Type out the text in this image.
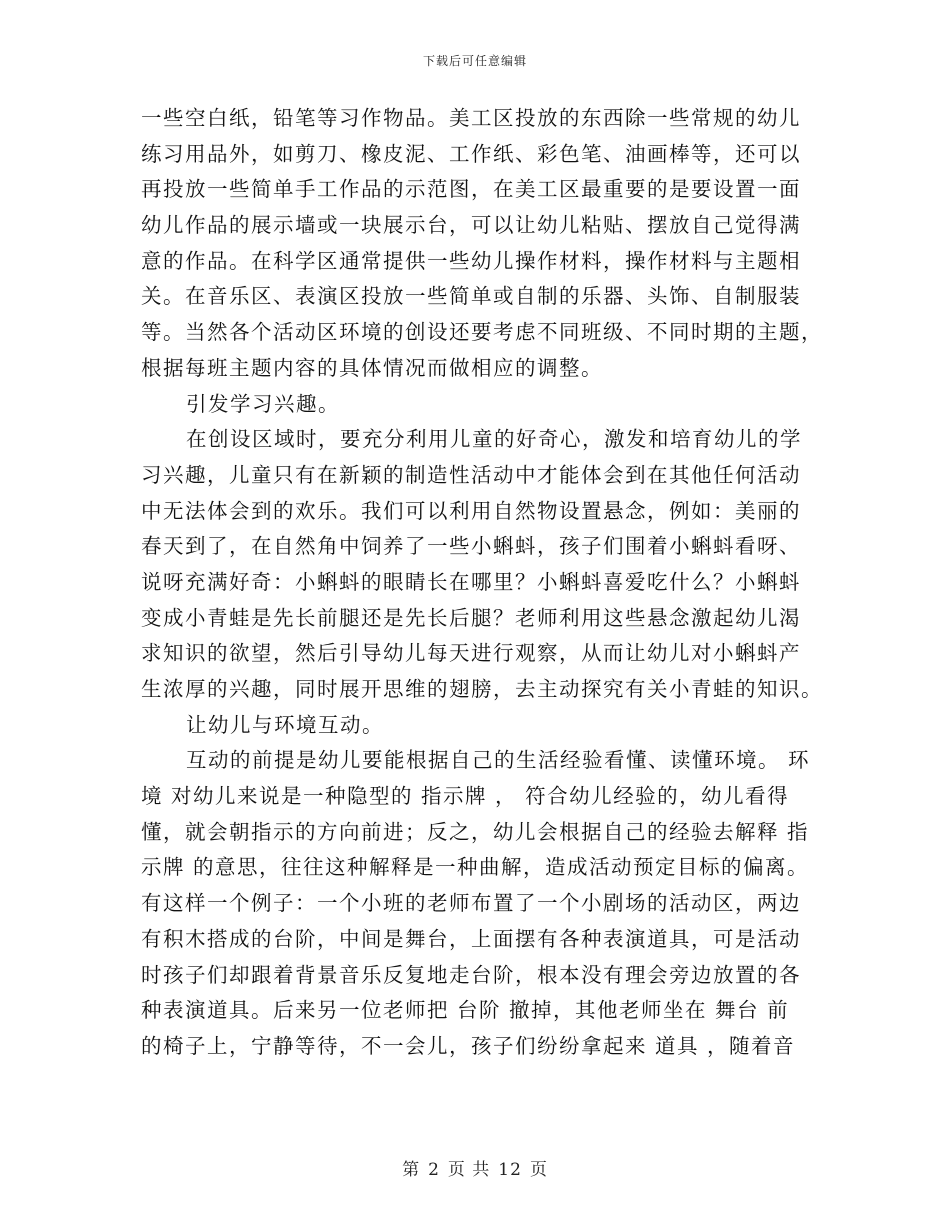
下载后可任意编辑
一些空白纸，铅笔等习作物品。美工区投放的东西除一些常规的幼儿
练习用品外，如剪刀、橡皮泥、工作纸、彩色笔、油画棒等，还可以
再投放一些简单手工作品的示范图，在美工区最重要的是要设置一面
幼儿作品的展示墙或一块展示台，可以让幼儿粘贴、摆放自己觉得满
意的作品。在科学区通常提供一些幼儿操作材料，操作材料与主题相
关。在音乐区、表演区投放一些简单或自制的乐器、头饰、自制服装
等。当然各个活动区环境的创设还要考虑不同班级、不同时期的主题，
根据每班主题内容的具体情况而做相应的调整。
引发学习兴趣。
在创设区域时，要充分利用儿童的好奇心，激发和培育幼儿的学
习兴趣，儿童只有在新颖的制造性活动中才能体会到在其他任何活动
中无法体会到的欢乐。我们可以利用自然物设置悬念，例如：美丽的
春天到了，在自然角中饲养了一些小蝌蚪，孩子们围着小蝌蚪看呀、
说呀充满好奇：小蝌蚪的眼睛长在哪里？小蝌蚪喜爱吃什么？小蝌蚪
变成小青蛙是先长前腿还是先长后腿？老师利用这些悬念激起幼儿渴
求知识的欲望，然后引导幼儿每天进行观察，从而让幼儿对小蝌蚪产
生浓厚的兴趣，同时展开思维的翅膀，去主动探究有关小青蛙的知识。
让幼儿与环境互动。
互动的前提是幼儿要能根据自己的生活经验看懂、读懂环境。 环
境 对幼儿来说是一种隐型的 指示牌 ， 符合幼儿经验的，幼儿看得
懂，就会朝指示的方向前进；反之，幼儿会根据自己的经验去解释 指
示牌 的意思，往往这种解释是一种曲解，造成活动预定目标的偏离。
有这样一个例子：一个小班的老师布置了一个小剧场的活动区，两边
有积木搭成的台阶，中间是舞台，上面摆有各种表演道具，可是活动
时孩子们却跟着背景音乐反复地走台阶，根本没有理会旁边放置的各
种表演道具。后来另一位老师把 台阶 撤掉，其他老师坐在 舞台 前
的椅子上，宁静等待，不一会儿，孩子们纷纷拿起来 道具 ，随着音
第 2 页 共 12 页
